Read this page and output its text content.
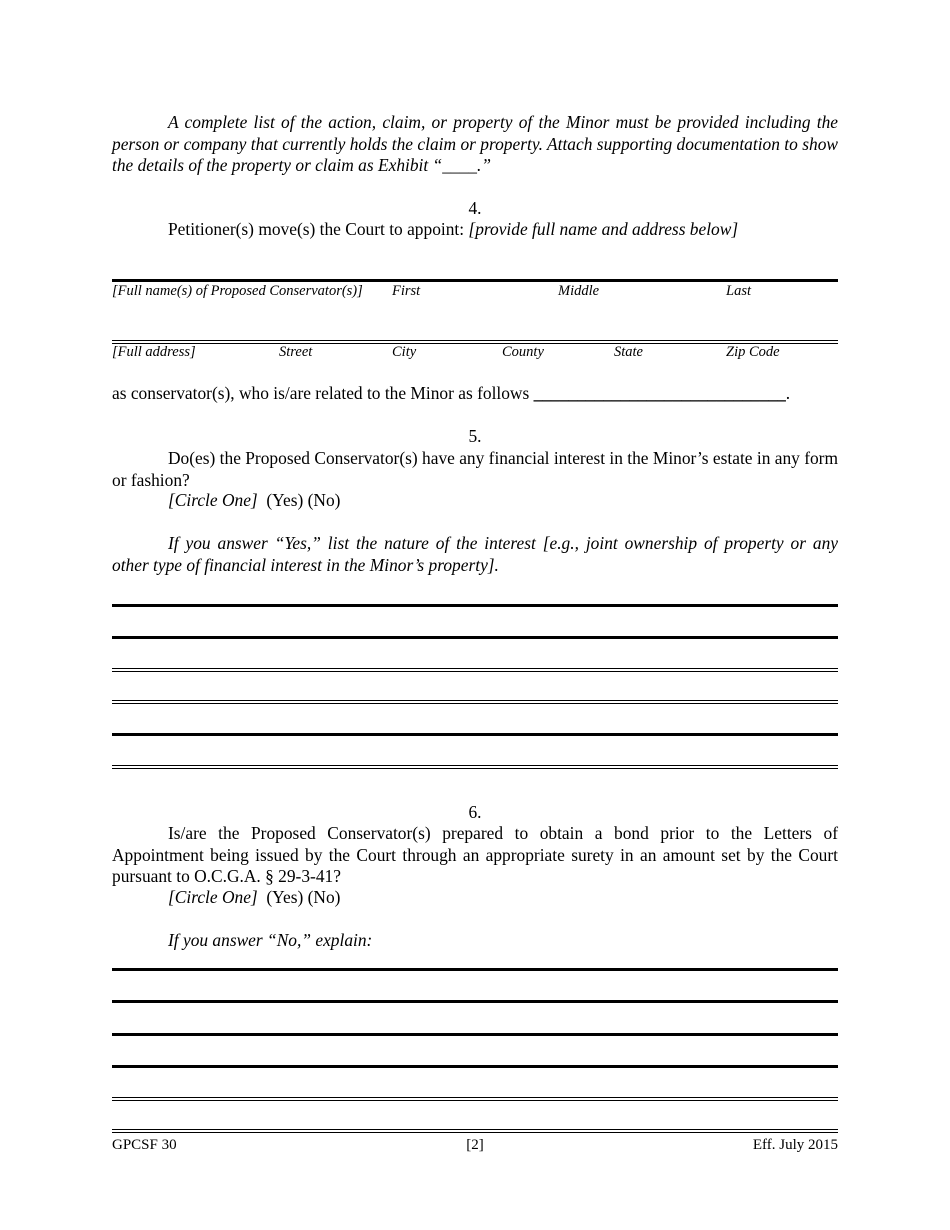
A complete list of the action, claim, or property of the Minor must be provided including the person or company that currently holds the claim or property. Attach supporting documentation to show the details of the property or claim as Exhibit “____.”

4.
Petitioner(s) move(s) the Court to appoint: [provide full name and address below]
[Full name(s) of Proposed Conservator(s)] First	Middle	Last
[Full address]	Street	City	County	State	Zip Code
as conservator(s), who is/are related to the Minor as follows _____________________________.
5.

Do(es) the Proposed Conservator(s) have any financial interest in the Minor’s estate in any form or fashion?

[Circle One] (Yes) (No)

If you answer “Yes,” list the nature of the interest [e.g., joint ownership of property or any other type of financial interest in the Minor’s property].

6.

Is/are the Proposed Conservator(s) prepared to obtain a bond prior to the Letters of Appointment being issued by the Court through an appropriate surety in an amount set by the Court pursuant to O.C.G.A. § 29-3-41?

[Circle One] (Yes) (No)
If you answer “No,” explain:
GPCSF 30	[2]	Eff. July 2015
